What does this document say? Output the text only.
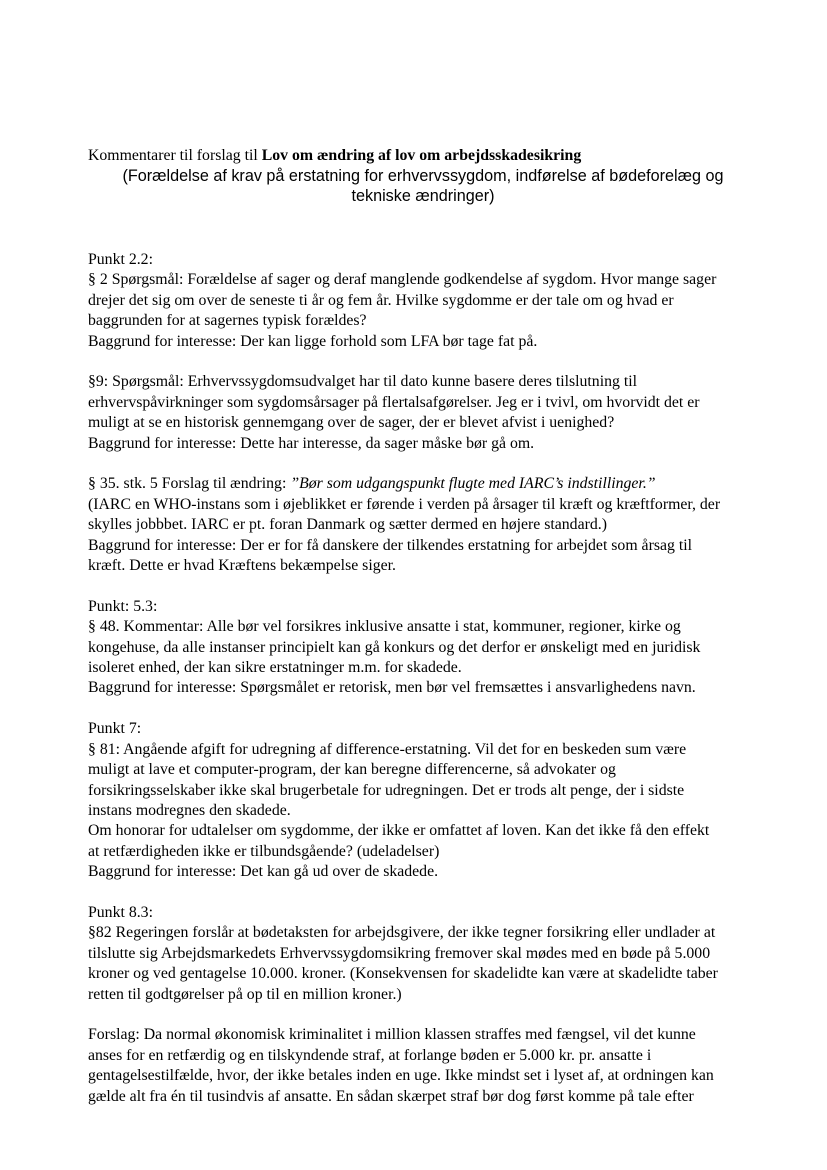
Kommentarer til forslag til Lov om ændring af lov om arbejdsskadesikring
(Forældelse af krav på erstatning for erhvervssygdom, indførelse af bødeforelæg og
tekniske ændringer)
Punkt 2.2:
§ 2 Spørgsmål: Forældelse af sager og deraf manglende godkendelse af sygdom. Hvor mange sager
drejer det sig om over de seneste ti år og fem år. Hvilke sygdomme er der tale om og hvad er
baggrunden for at sagernes typisk forældes?
Baggrund for interesse: Der kan ligge forhold som LFA bør tage fat på.
§9: Spørgsmål: Erhvervssygdomsudvalget har til dato kunne basere deres tilslutning til
erhvervspåvirkninger som sygdomsårsager på flertalsafgørelser. Jeg er i tvivl, om hvorvidt det er
muligt at se en historisk gennemgang over de sager, der er blevet afvist i uenighed?
Baggrund for interesse: Dette har interesse, da sager måske bør gå om.
§ 35. stk. 5 Forslag til ændring: ”Bør som udgangspunkt flugte med IARC’s indstillinger.”
(IARC en WHO-instans som i øjeblikket er førende i verden på årsager til kræft og kræftformer, der
skylles jobbbet. IARC er pt. foran Danmark og sætter dermed en højere standard.)
Baggrund for interesse: Der er for få danskere der tilkendes erstatning for arbejdet som årsag til
kræft. Dette er hvad Kræftens bekæmpelse siger.
Punkt: 5.3:
§ 48. Kommentar: Alle bør vel forsikres inklusive ansatte i stat, kommuner, regioner, kirke og
kongehuse, da alle instanser principielt kan gå konkurs og det derfor er ønskeligt med en juridisk
isoleret enhed, der kan sikre erstatninger m.m. for skadede.
Baggrund for interesse: Spørgsmålet er retorisk, men bør vel fremsættes i ansvarlighedens navn.
Punkt 7:
§ 81: Angående afgift for udregning af difference-erstatning. Vil det for en beskeden sum være
muligt at lave et computer-program, der kan beregne differencerne, så advokater og
forsikringsselskaber ikke skal brugerbetale for udregningen. Det er trods alt penge, der i sidste
instans modregnes den skadede.
Om honorar for udtalelser om sygdomme, der ikke er omfattet af loven. Kan det ikke få den effekt
at retfærdigheden ikke er tilbundsgående? (udeladelser)
Baggrund for interesse: Det kan gå ud over de skadede.
Punkt 8.3:
§82 Regeringen forslår at bødetaksten for arbejdsgivere, der ikke tegner forsikring eller undlader at
tilslutte sig Arbejdsmarkedets Erhvervssygdomsikring fremover skal mødes med en bøde på 5.000
kroner og ved gentagelse 10.000. kroner. (Konsekvensen for skadelidte kan være at skadelidte taber
retten til godtgørelser på op til en million kroner.)
Forslag: Da normal økonomisk kriminalitet i million klassen straffes med fængsel, vil det kunne
anses for en retfærdig og en tilskyndende straf, at forlange bøden er 5.000 kr. pr. ansatte i
gentagelsestilfælde, hvor, der ikke betales inden en uge. Ikke mindst set i lyset af, at ordningen kan
gælde alt fra én til tusindvis af ansatte. En sådan skærpet straf bør dog først komme på tale efter
